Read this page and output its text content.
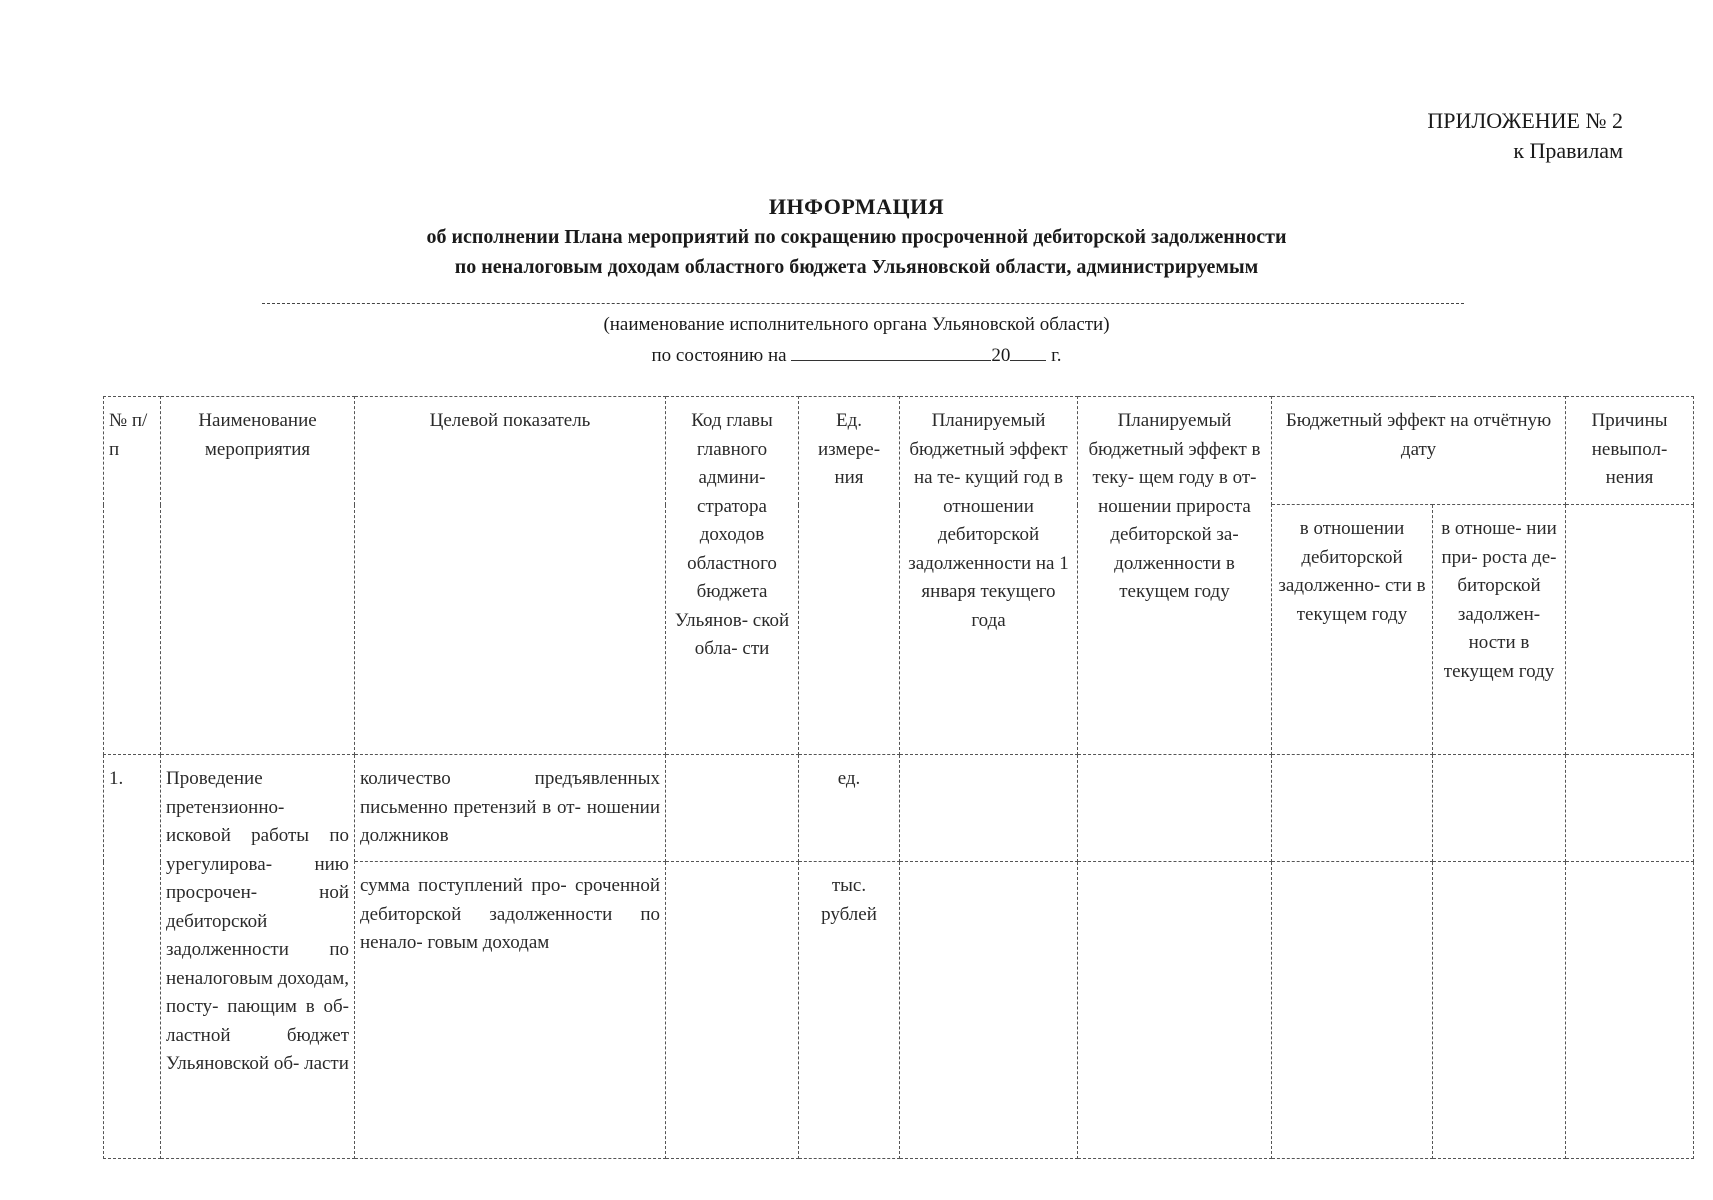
ПРИЛОЖЕНИЕ № 2
к Правилам
ИНФОРМАЦИЯ
об исполнении Плана мероприятий по сокращению просроченной дебиторской задолженности
по неналоговым доходам областного бюджета Ульяновской области, администрируемым
(наименование исполнительного органа Ульяновской области)
по состоянию на	20 г.
№ п/п	Наименование мероприятия	Целевой показатель	Код главы главного админи- стратора доходов областного бюджета Ульянов- ской обла- сти	Ед. измере- ния	Планируемый бюджетный эффект на те- кущий год в отношении дебиторской задолженности на 1 января текущего года	Планируемый бюджетный эффект в теку- щем году в от- ношении прироста дебиторской за- долженности в текущем году	Бюджетный эффект на отчётную дату		Причины невыпол- нения
							в отношении дебиторской задолженно- сти в текущем году	в отноше- нии при- роста де- биторской задолжен- ности в текущем году	
1.	Проведение претензионно- исковой работы по урегулирова- нию просрочен- ной дебиторской задолженности по неналоговым доходам, посту- пающим в об- ластной бюджет Ульяновской об- ласти	количество предъявленных письменно претензий в от- ношении должников		ед.					
		сумма поступлений про- сроченной дебиторской задолженности по ненало- говым доходам		тыс. рублей					
